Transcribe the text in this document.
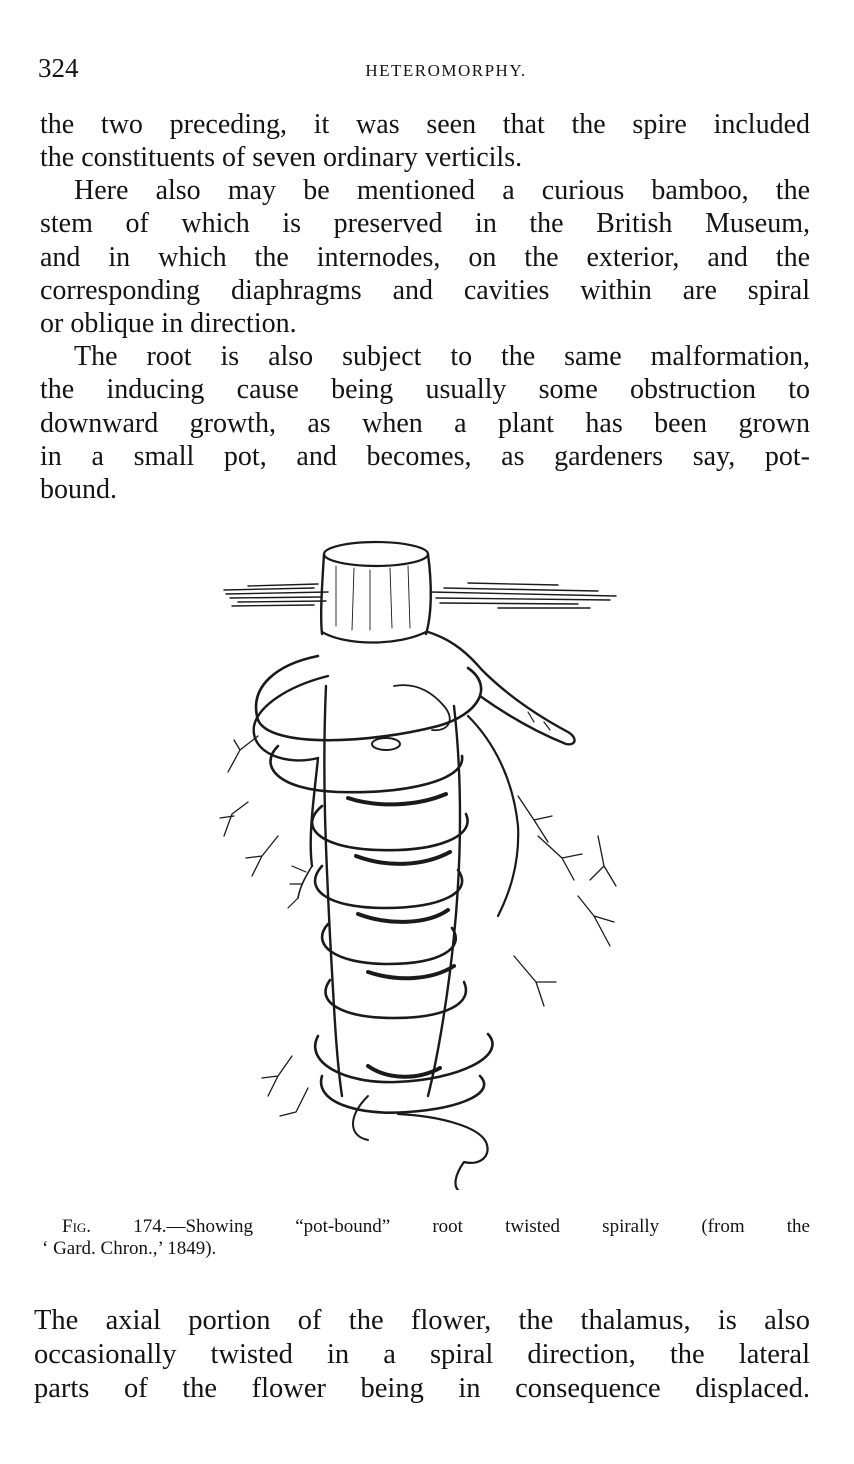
324	HETEROMORPHY.
the two preceding, it was seen that the spire included
the constituents of seven ordinary verticils.
Here also may be mentioned a curious bamboo, the
stem of which is preserved in the British Museum,
and in which the internodes, on the exterior, and the
corresponding diaphragms and cavities within are spiral
or oblique in direction.
The root is also subject to the same malformation,
the inducing cause being usually some obstruction to
downward growth, as when a plant has been grown
in a small pot, and becomes, as gardeners say, pot-
bound.
Fig. 174.—Showing “pot-bound” root twisted spirally (from the
‘ Gard. Chron.,’ 1849).
The axial portion of the flower, the thalamus, is also
occasionally twisted in a spiral direction, the lateral
parts of the flower being in consequence displaced.
